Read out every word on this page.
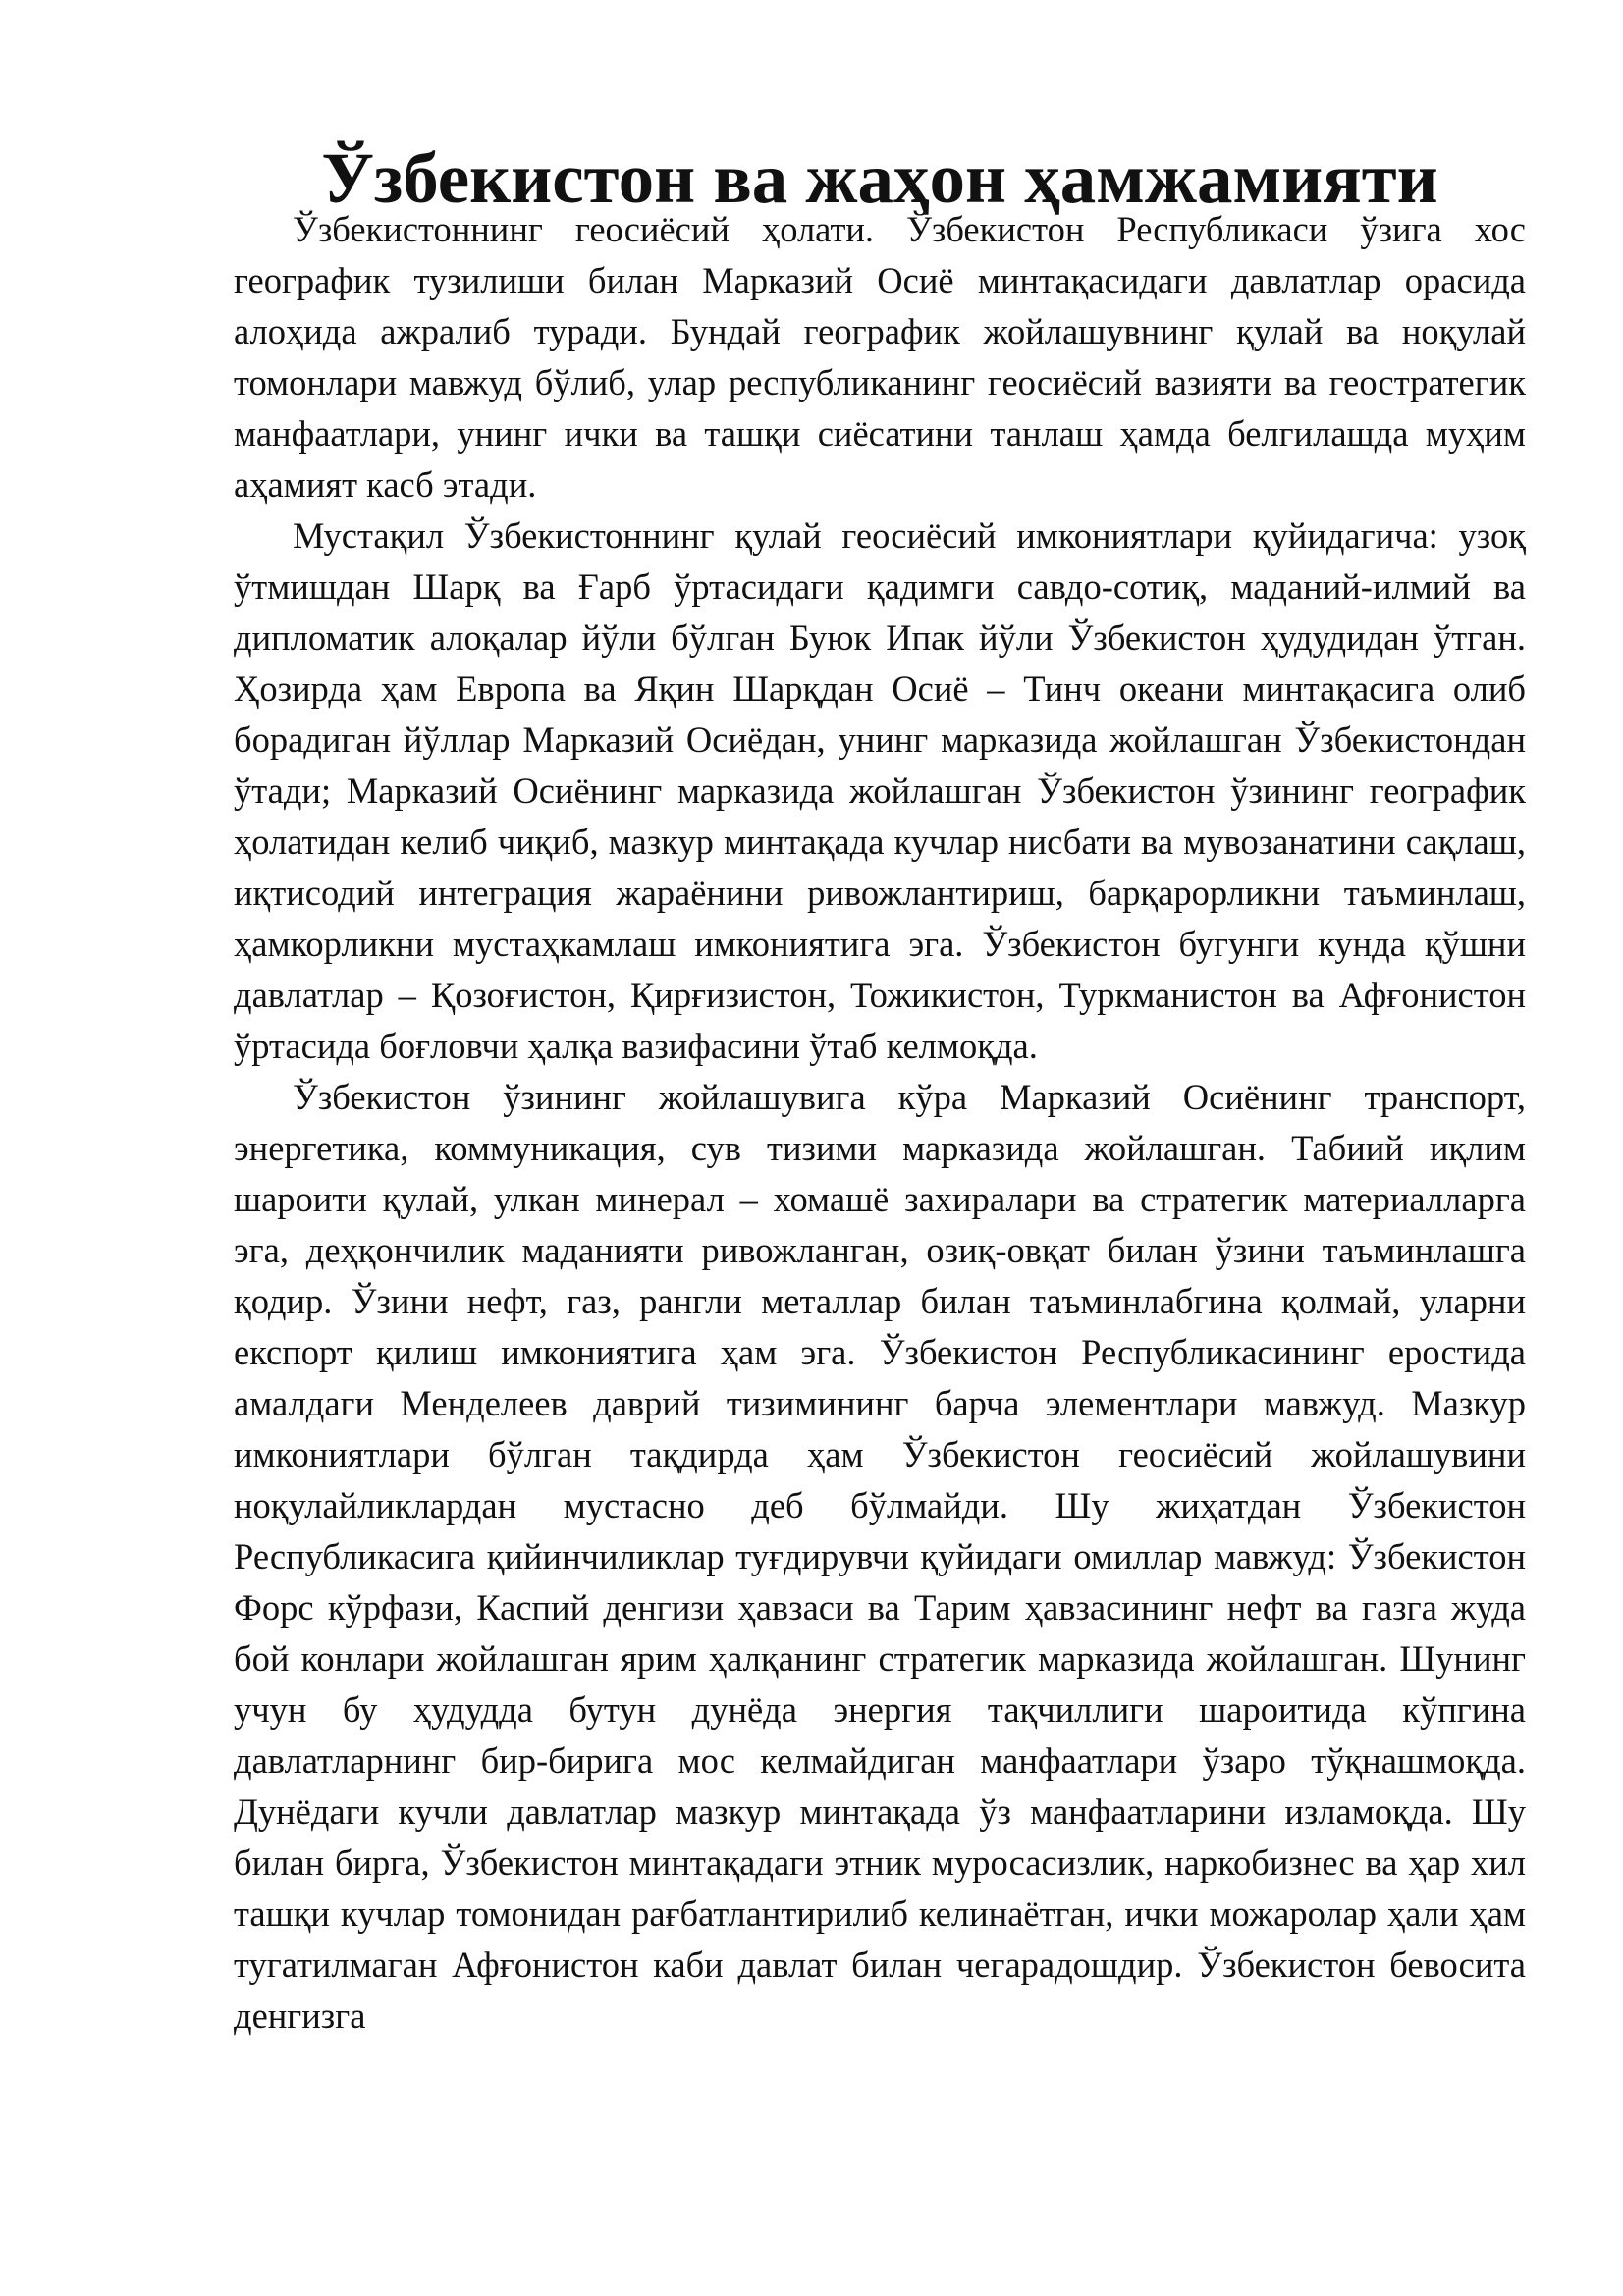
Ўзбекистон ва жаҳон ҳамжамияти

Ўзбекистоннинг геосиёсий ҳолати. Ўзбекистон Республикаси ўзига хос географик тузилиши билан Марказий Осиё минтақасидаги давлатлар орасида алоҳида ажралиб туради. Бундай географик жойлашувнинг қулай ва ноқулай томонлари мавжуд бўлиб, улар республиканинг геосиёсий вазияти ва геостратегик манфаатлари, унинг ички ва ташқи сиёсатини танлаш ҳамда белгилашда муҳим аҳамият касб этади.

Мустақил Ўзбекистоннинг қулай геосиёсий имкониятлари қуйидагича: узоқ ўтмишдан Шарқ ва Ғарб ўртасидаги қадимги савдо-сотиқ, маданий-илмий ва дипломатик алоқалар йўли бўлган Буюк Ипак йўли Ўзбекистон ҳудудидан ўтган. Ҳозирда ҳам Европа ва Яқин Шарқдан Осиё – Тинч океани минтақасига олиб борадиган йўллар Марказий Осиёдан, унинг марказида жойлашган Ўзбекистондан ўтади; Марказий Осиёнинг марказида жойлашган Ўзбекистон ўзининг географик ҳолатидан келиб чиқиб, мазкур минтақада кучлар нисбати ва мувозанатини сақлаш, иқтисодий интеграция жараёнини ривожлантириш, барқарорликни таъминлаш, ҳамкорликни мустаҳкамлаш имкониятига эга. Ўзбекистон бугунги кунда қўшни давлатлар – Қозоғистон, Қирғизистон, Тожикистон, Туркманистон ва Афғонистон ўртасида боғловчи ҳалқа вазифасини ўтаб келмоқда.

Ўзбекистон ўзининг жойлашувига кўра Марказий Осиёнинг транспорт, энергетика, коммуникация, сув тизими марказида жойлашган. Табиий иқлим шароити қулай, улкан минерал – хомашё захиралари ва стратегик материалларга эга, деҳқончилик маданияти ривожланган, озиқ-овқат билан ўзини таъминлашга қодир. Ўзини нефт, газ, рангли металлар билан таъминлабгина қолмай, уларни експорт қилиш имкониятига ҳам эга. Ўзбекистон Республикасининг еростида амалдаги Менделеев даврий тизимининг барча элементлари мавжуд. Мазкур имкониятлари бўлган тақдирда ҳам Ўзбекистон геосиёсий жойлашувини ноқулайликлардан мустасно деб бўлмайди. Шу жиҳатдан Ўзбекистон Республикасига қийинчиликлар туғдирувчи қуйидаги омиллар мавжуд: Ўзбекистон Форс кўрфази, Каспий денгизи ҳавзаси ва Тарим ҳавзасининг нефт ва газга жуда бой конлари жойлашган ярим ҳалқанинг стратегик марказида жойлашган. Шунинг учун бу ҳудудда бутун дунёда энергия тақчиллиги шароитида кўпгина давлатларнинг бир-бирига мос келмайдиган манфаатлари ўзаро тўқнашмоқда. Дунёдаги кучли давлатлар мазкур минтақада ўз манфаатларини изламоқда. Шу билан бирга, Ўзбекистон минтақадаги этник муросасизлик, наркобизнес ва ҳар хил ташқи кучлар томонидан рағбатлантирилиб келинаётган, ички можаролар ҳали ҳам тугатилмаган Афғонистон каби давлат билан чегарадошдир. Ўзбекистон бевосита денгизга
